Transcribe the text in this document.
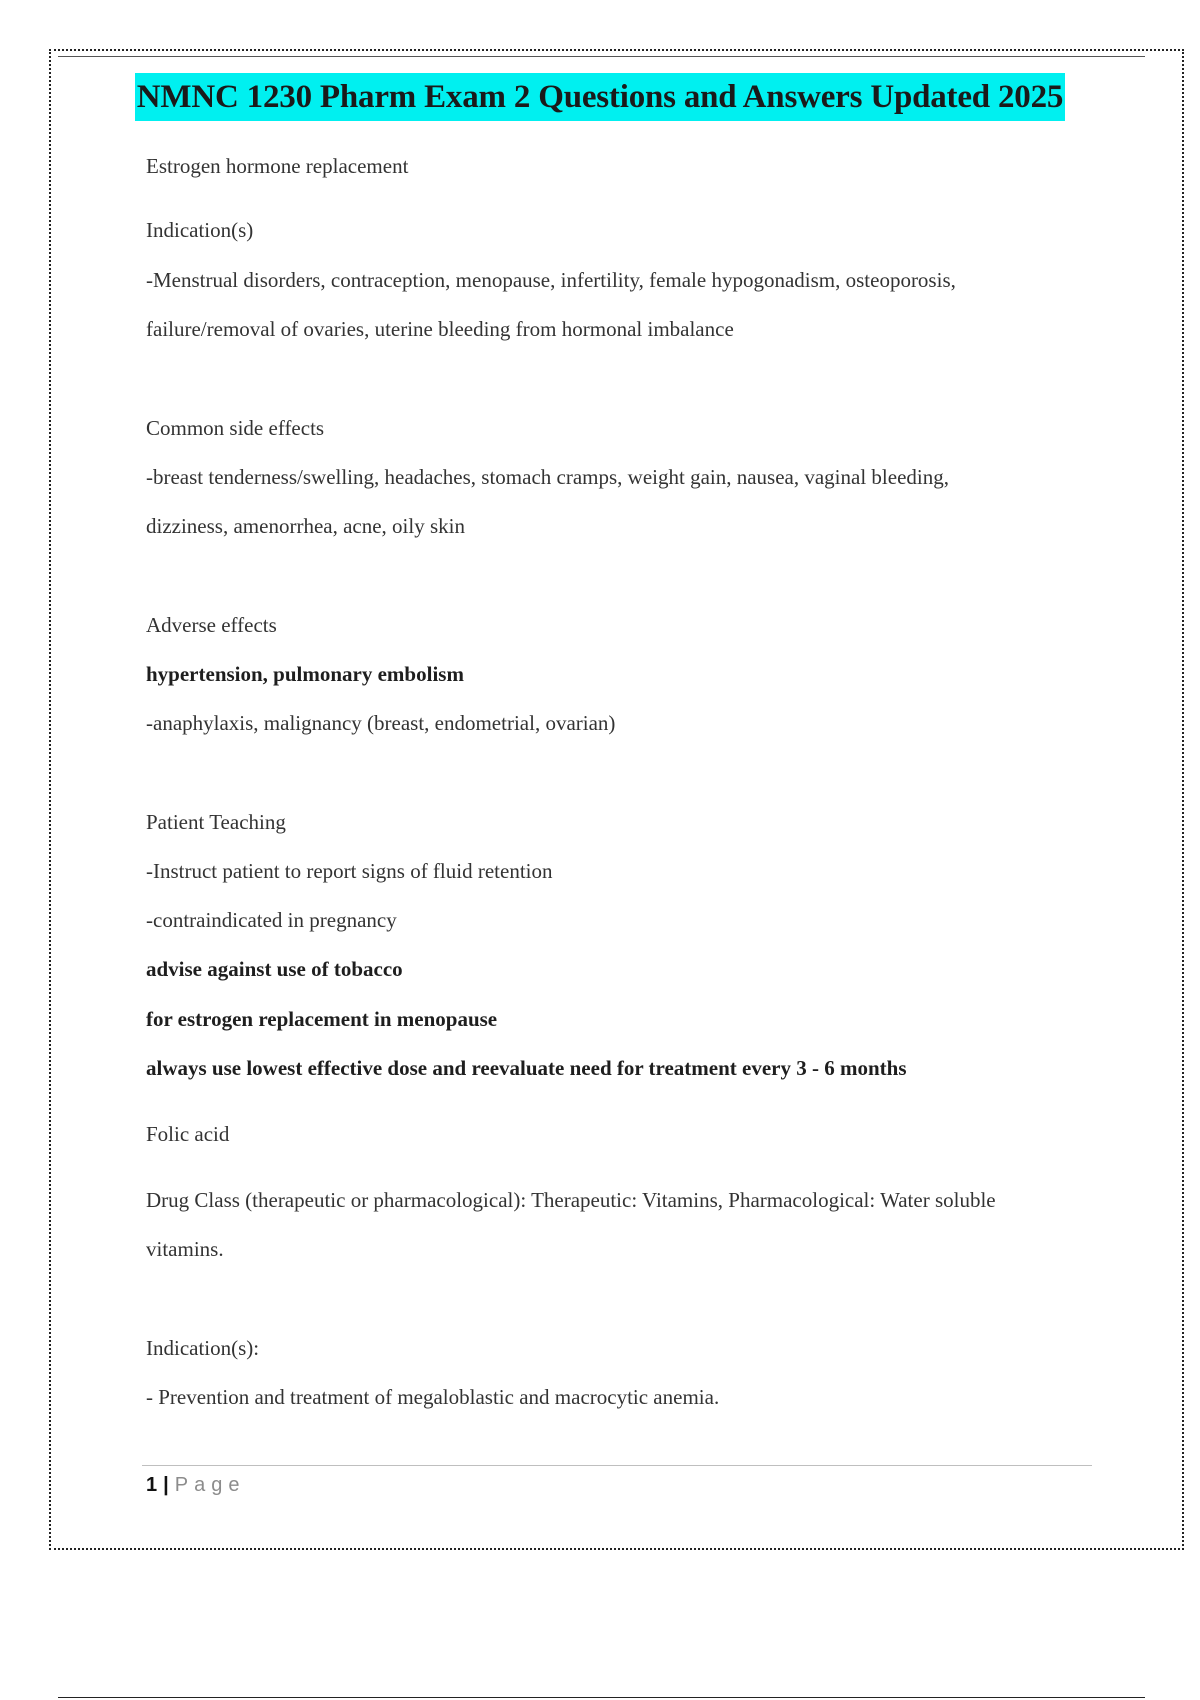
NMNC 1230 Pharm Exam 2 Questions and Answers Updated 2025
Estrogen hormone replacement
Indication(s)
-Menstrual disorders, contraception, menopause, infertility, female hypogonadism, osteoporosis,
failure/removal of ovaries, uterine bleeding from hormonal imbalance
Common side effects
-breast tenderness/swelling, headaches, stomach cramps, weight gain, nausea, vaginal bleeding,
dizziness, amenorrhea, acne, oily skin
Adverse effects
hypertension, pulmonary embolism
-anaphylaxis, malignancy (breast, endometrial, ovarian)
Patient Teaching
-Instruct patient to report signs of fluid retention
-contraindicated in pregnancy
advise against use of tobacco
for estrogen replacement in menopause
always use lowest effective dose and reevaluate need for treatment every 3 - 6 months
Folic acid
Drug Class (therapeutic or pharmacological): Therapeutic: Vitamins, Pharmacological: Water soluble
vitamins.
Indication(s):
- Prevention and treatment of megaloblastic and macrocytic anemia.
1 | Page
